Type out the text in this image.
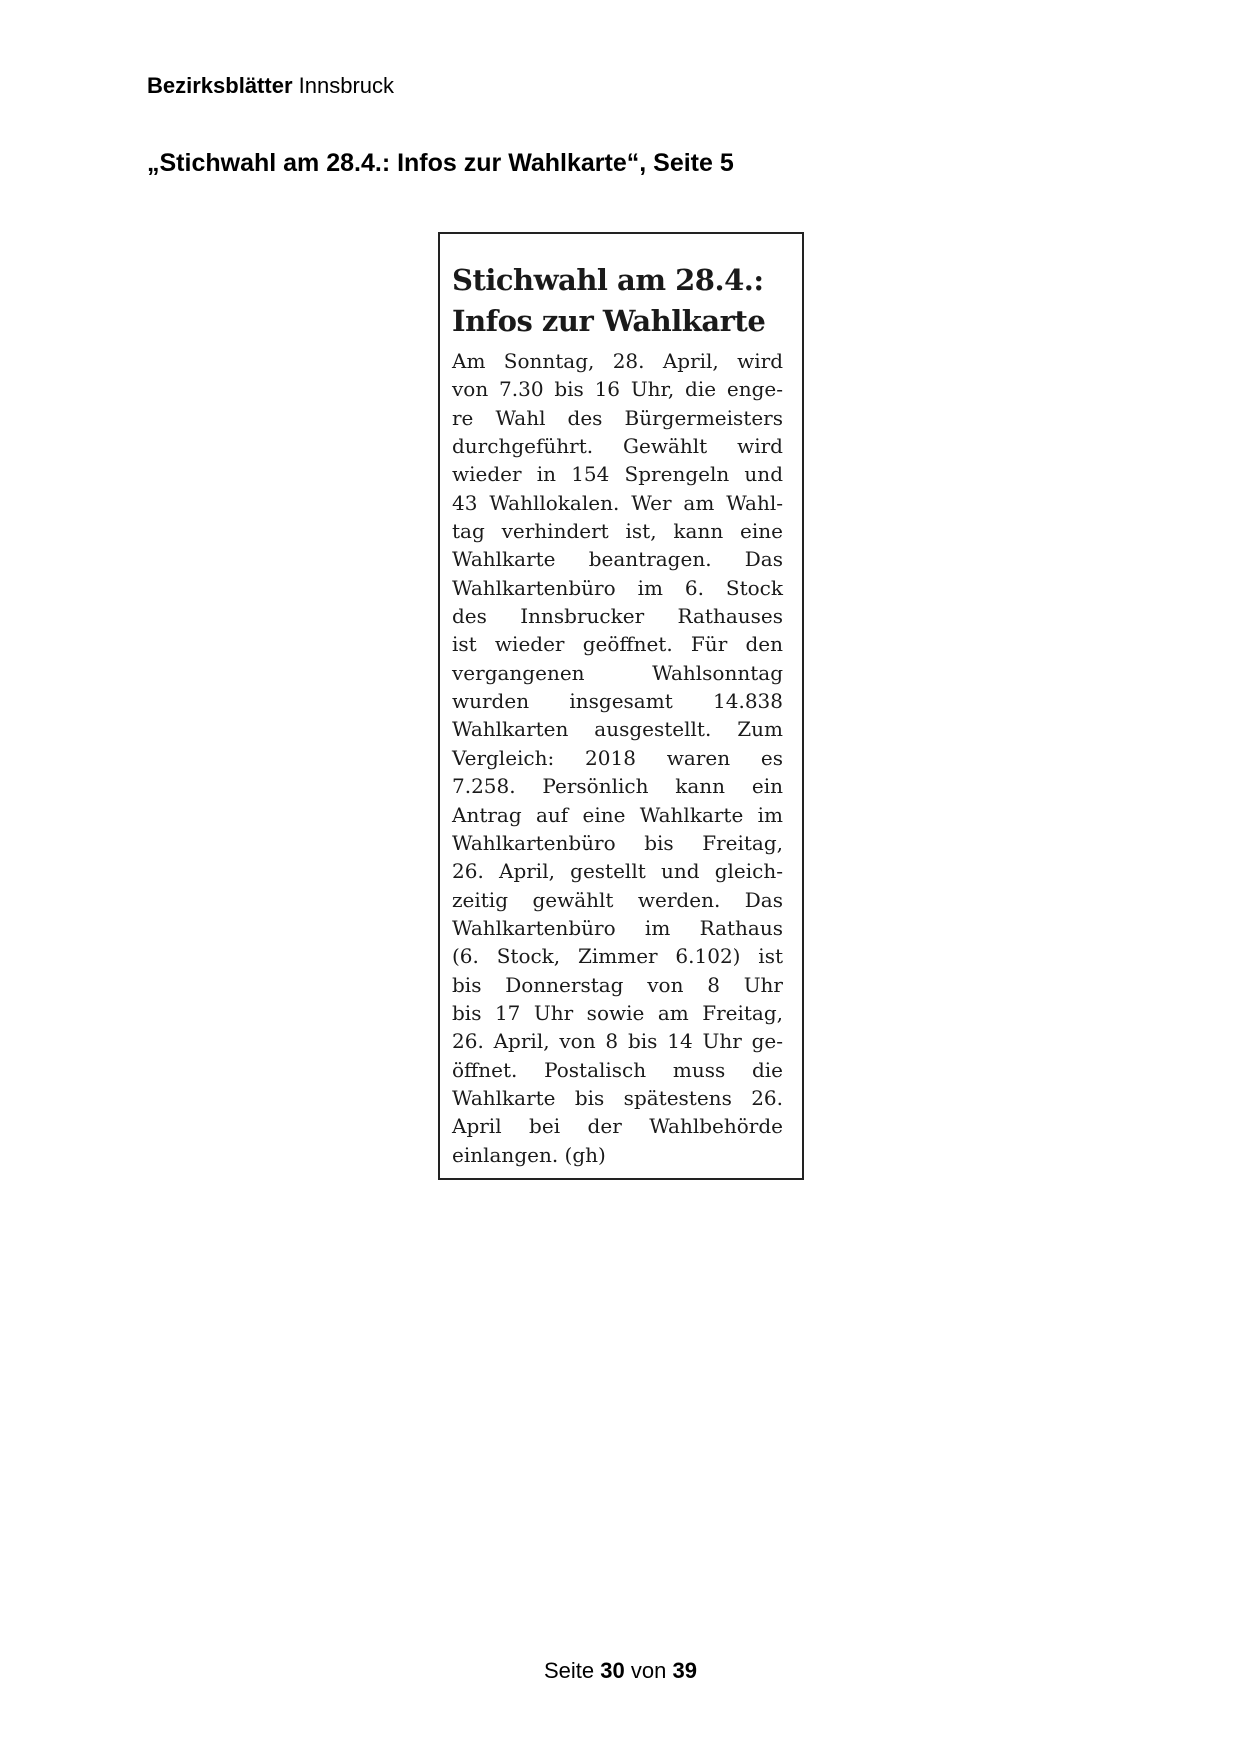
Bezirksblätter Innsbruck
„Stichwahl am 28.4.: Infos zur Wahlkarte“, Seite 5
Stichwahl am 28.4.:
Infos zur Wahlkarte
Am Sonntag, 28. April, wird
von 7.30 bis 16 Uhr, die enge-
re Wahl des Bürgermeisters
durchgeführt. Gewählt wird
wieder in 154 Sprengeln und
43 Wahllokalen. Wer am Wahl-
tag verhindert ist, kann eine
Wahlkarte beantragen. Das
Wahlkartenbüro im 6. Stock
des Innsbrucker Rathauses
ist wieder geöffnet. Für den
vergangenen Wahlsonntag
wurden insgesamt 14.838
Wahlkarten ausgestellt. Zum
Vergleich: 2018 waren es
7.258. Persönlich kann ein
Antrag auf eine Wahlkarte im
Wahlkartenbüro bis Freitag,
26. April, gestellt und gleich-
zeitig gewählt werden. Das
Wahlkartenbüro im Rathaus
(6. Stock, Zimmer 6.102) ist
bis Donnerstag von 8 Uhr
bis 17 Uhr sowie am Freitag,
26. April, von 8 bis 14 Uhr ge-
öffnet. Postalisch muss die
Wahlkarte bis spätestens 26.
April bei der Wahlbehörde
einlangen. (gh)
Seite 30 von 39
